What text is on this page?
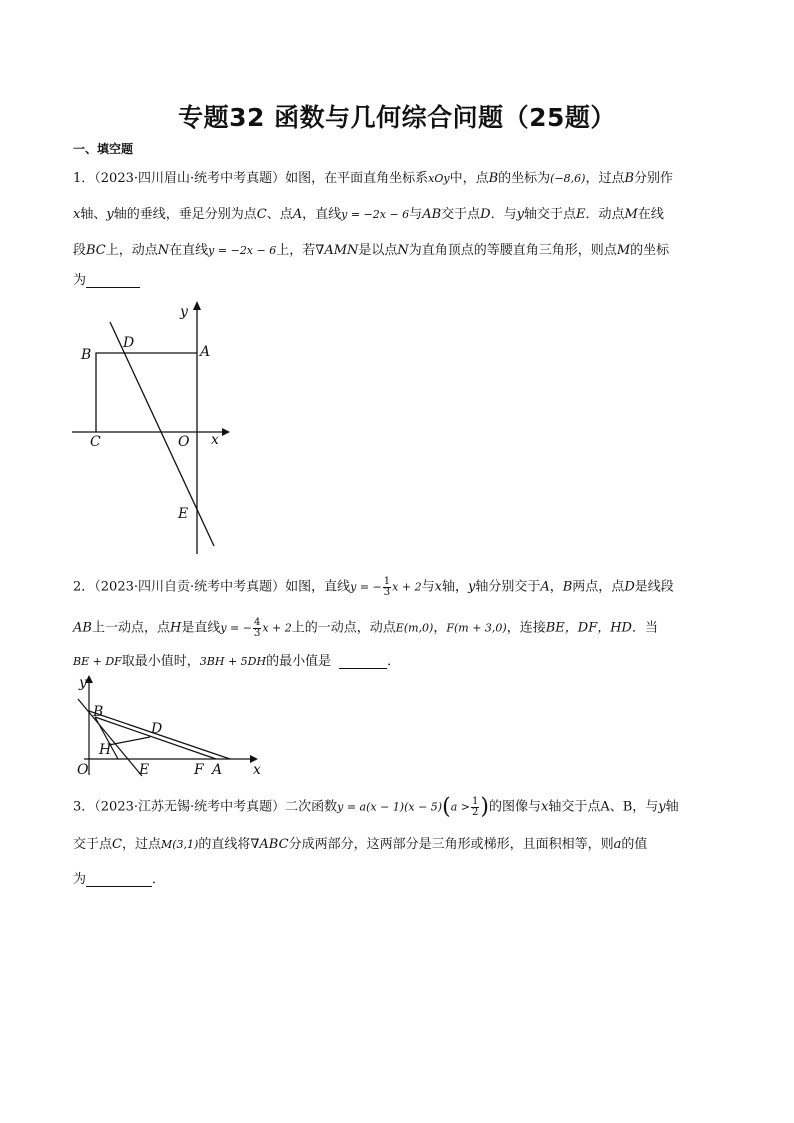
专题32 函数与几何综合问题（25题）
一、填空题
1．（2023·四川眉山·统考中考真题）如图，在平面直角坐标系xOy中，点B的坐标为(−8,6)，过点B分别作
x轴、y轴的垂线，垂足分别为点C、点A，直线y = −2x − 6与AB交于点D．与y轴交于点E．动点M在线
段BC上，动点N在直线y = −2x − 6上，若∇AMN是以点N为直角顶点的等腰直角三角形，则点M的坐标
为
y
B
D
A
C	O x
E
2．（2023·四川自贡·统考中考真题）如图，直线y = − $\frac{1}{3}$ x + 2与x轴，y轴分别交于A，B两点，点D是线段
AB上一动点，点H是直线y = − $\frac{4}{3}$ x + 2上的一动点，动点E(m,0)，F(m + 3,0)，连接BE，DF，HD．当
BE + DF取最小值时，3BH + 5DH的最小值是	．
y
B
D
H
O	E	F A x
3．（2023·江苏无锡·统考中考真题）二次函数$y = a(x - 1)(x - 5)(a > \frac{1}{2}$ )的图像与x轴交于点A、B，与y轴
交于点C，过点M(3,1)的直线将∇ABC分成两部分，这两部分是三角形或梯形，且面积相等，则a的值
为	．
